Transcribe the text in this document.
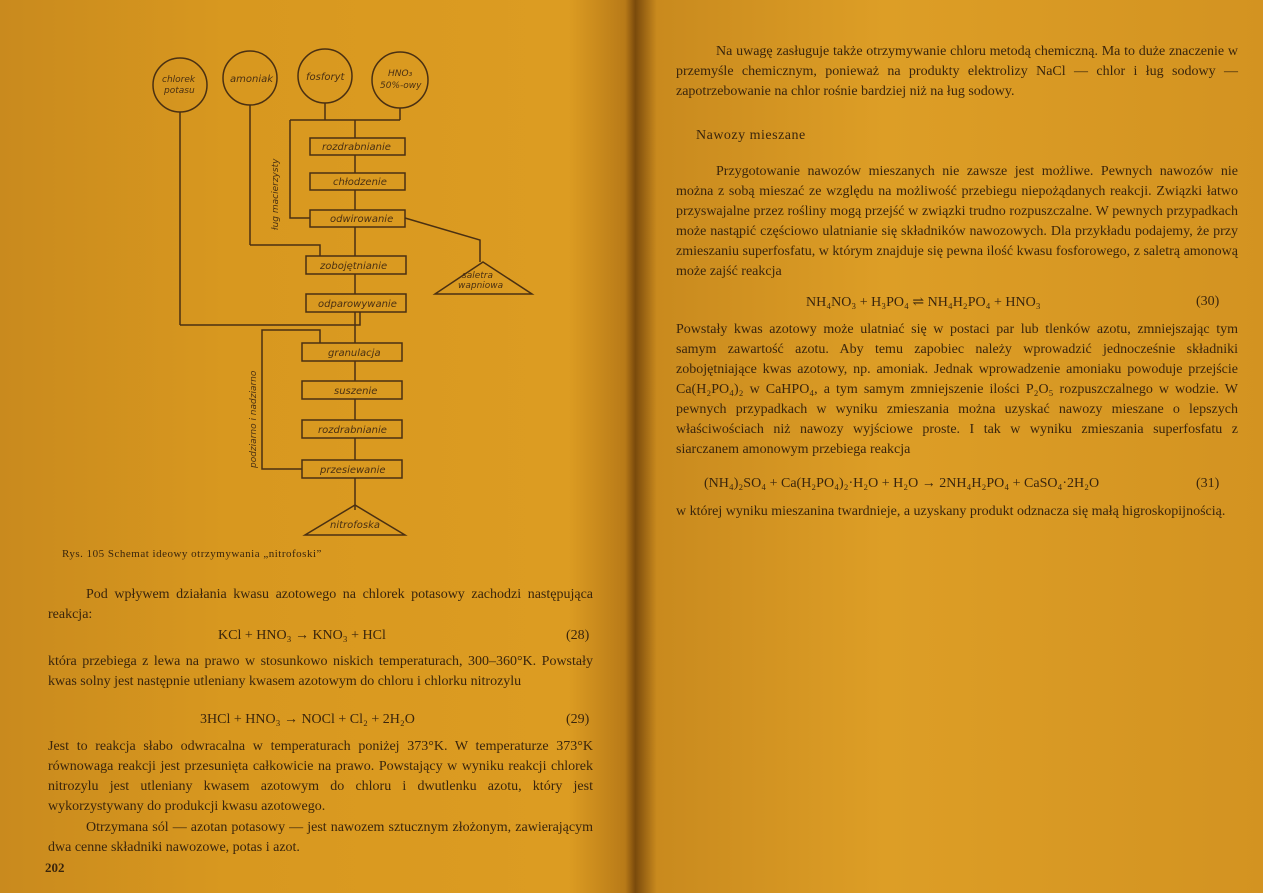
chlorek
potasu
amoniak	fosforyt	HNO₃
50%-owy
rozdrabnianie
chłodzenie
odwirowanie
zobojętnianie
odparowywanie
granulacja
suszenie
rozdrabnianie
przesiewanie
saletra
wapniowa
nitrofoska
ług macierzysty
podziarno i nadziarno
Rys. 105 Schemat ideowy otrzymywania „nitrofoski”
Pod wpływem działania kwasu azotowego na chlorek potasowy zachodzi następująca reakcja:
KCl + HNO₃ → KNO₃ + HCl	(28)
która przebiega z lewa na prawo w stosunkowo niskich temperaturach, 300–360°K. Powstały kwas solny jest następnie utleniany kwasem azotowym do chloru i chlorku nitrozylu
3HCl + HNO₃ → NOCl + Cl₂ + 2H₂O	(29)
Jest to reakcja słabo odwracalna w temperaturach poniżej 373°K. W temperaturze 373°K równowaga reakcji jest przesunięta całkowicie na prawo. Powstający w wyniku reakcji chlorek nitrozylu jest utleniany kwasem azotowym do chloru i dwutlenku azotu, który jest wykorzystywany do produkcji kwasu azotowego.
Otrzymana sól — azotan potasowy — jest nawozem sztucznym złożonym, zawierającym dwa cenne składniki nawozowe, potas i azot.
202
Na uwagę zasługuje także otrzymywanie chloru metodą chemiczną. Ma to duże znaczenie w przemyśle chemicznym, ponieważ na produkty elektrolizy NaCl — chlor i ług sodowy — zapotrzebowanie na chlor rośnie bardziej niż na ług sodowy.
Nawozy mieszane
Przygotowanie nawozów mieszanych nie zawsze jest możliwe. Pewnych nawozów nie można z sobą mieszać ze względu na możliwość przebiegu niepożądanych reakcji. Związki łatwo przyswajalne przez rośliny mogą przejść w związki trudno rozpuszczalne. W pewnych przypadkach może nastąpić częściowo ulatnianie się składników nawozowych. Dla przykładu podajemy, że przy zmieszaniu superfosfatu, w którym znajduje się pewna ilość kwasu fosforowego, z saletrą amonową może zajść reakcja
NH₄NO₃ + H₃PO₄ ⇌ NH₄H₂PO₄ + HNO₃	(30)
Powstały kwas azotowy może ulatniać się w postaci par lub tlenków azotu, zmniejszając tym samym zawartość azotu. Aby temu zapobiec należy wprowadzić jednocześnie składniki zobojętniające kwas azotowy, np. amoniak. Jednak wprowadzenie amoniaku powoduje przejście Ca(H₂PO₄)₂ w CaHPO₄, a tym samym zmniejszenie ilości P₂O₅ rozpuszczalnego w wodzie. W pewnych przypadkach w wyniku zmieszania można uzyskać nawozy mieszane o lepszych właściwościach niż nawozy wyjściowe proste. I tak w wyniku zmieszania superfosfatu z siarczanem amonowym przebiega reakcja
(NH₄)₂SO₄ + Ca(H₂PO₄)₂·H₂O + H₂O → 2NH₄H₂PO₄ + CaSO₄·2H₂O	(31)
w której wyniku mieszanina twardnieje, a uzyskany produkt odznacza się małą higroskopijnością.
